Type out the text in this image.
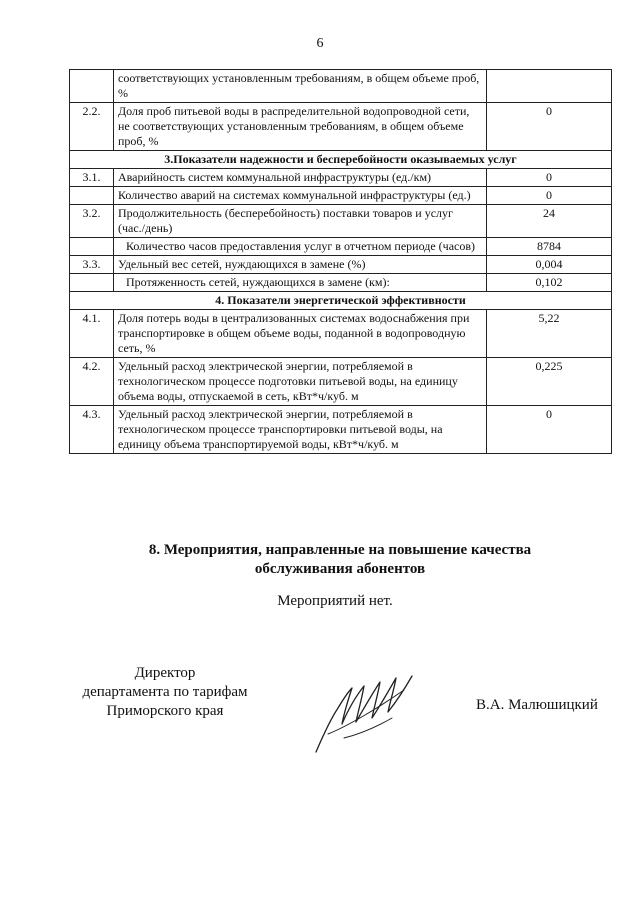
6
	соответствующих установленным требованиям, в общем объеме проб, %	
2.2.	Доля проб питьевой воды в распределительной водопроводной сети, не соответствующих установленным требованиям, в общем объеме проб, %	0
3.Показатели надежности и бесперебойности оказываемых услуг		
3.1.	Аварийность систем коммунальной инфраструктуры (ед./км)	0
	Количество аварий на системах коммунальной инфраструктуры (ед.)	0
3.2.	Продолжительность (бесперебойность) поставки товаров и услуг (час./день)	24
	Количество часов предоставления услуг в отчетном периоде (часов)	8784
3.3.	Удельный вес сетей, нуждающихся в замене (%)	0,004
	Протяженность сетей, нуждающихся в замене (км):	0,102
4. Показатели энергетической эффективности		
4.1.	Доля потерь воды в централизованных системах водоснабжения при транспортировке в общем объеме воды, поданной в водопроводную сеть, %	5,22
4.2.	Удельный расход электрической энергии, потребляемой в технологическом процессе подготовки питьевой воды, на единицу объема воды, отпускаемой в сеть, кВт*ч/куб. м	0,225
4.3.	Удельный расход электрической энергии, потребляемой в технологическом процессе транспортировки питьевой воды, на единицу объема транспортируемой воды, кВт*ч/куб. м	0
8. Мероприятия, направленные на повышение качества
обслуживания абонентов
Мероприятий нет.
Директор
департамента по тарифам
Приморского края	В.А. Малюшицкий
